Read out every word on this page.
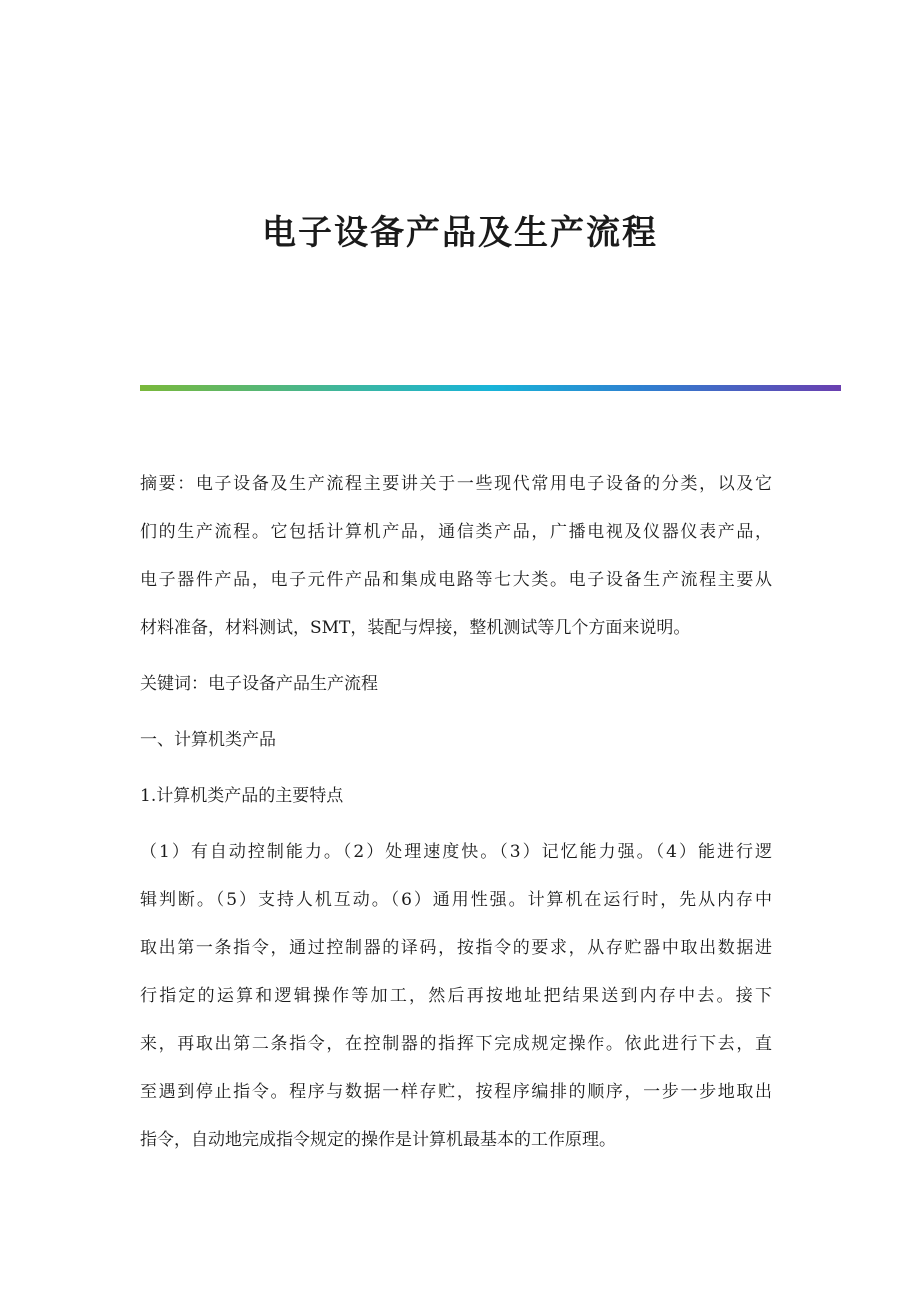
电子设备产品及生产流程
摘要：电子设备及生产流程主要讲关于一些现代常用电子设备的分类，以及它
们的生产流程。它包括计算机产品，通信类产品，广播电视及仪器仪表产品，
电子器件产品，电子元件产品和集成电路等七大类。电子设备生产流程主要从
材料准备，材料测试，SMT，装配与焊接，整机测试等几个方面来说明。

关键词：电子设备产品生产流程

一、计算机类产品

1.计算机类产品的主要特点

（1）有自动控制能力。（2）处理速度快。（3）记忆能力强。（4）能进行逻
辑判断。（5）支持人机互动。（6）通用性强。计算机在运行时，先从内存中
取出第一条指令，通过控制器的译码，按指令的要求，从存贮器中取出数据进
行指定的运算和逻辑操作等加工，然后再按地址把结果送到内存中去。接下
来，再取出第二条指令，在控制器的指挥下完成规定操作。依此进行下去，直
至遇到停止指令。程序与数据一样存贮，按程序编排的顺序，一步一步地取出
指令，自动地完成指令规定的操作是计算机最基本的工作原理。
